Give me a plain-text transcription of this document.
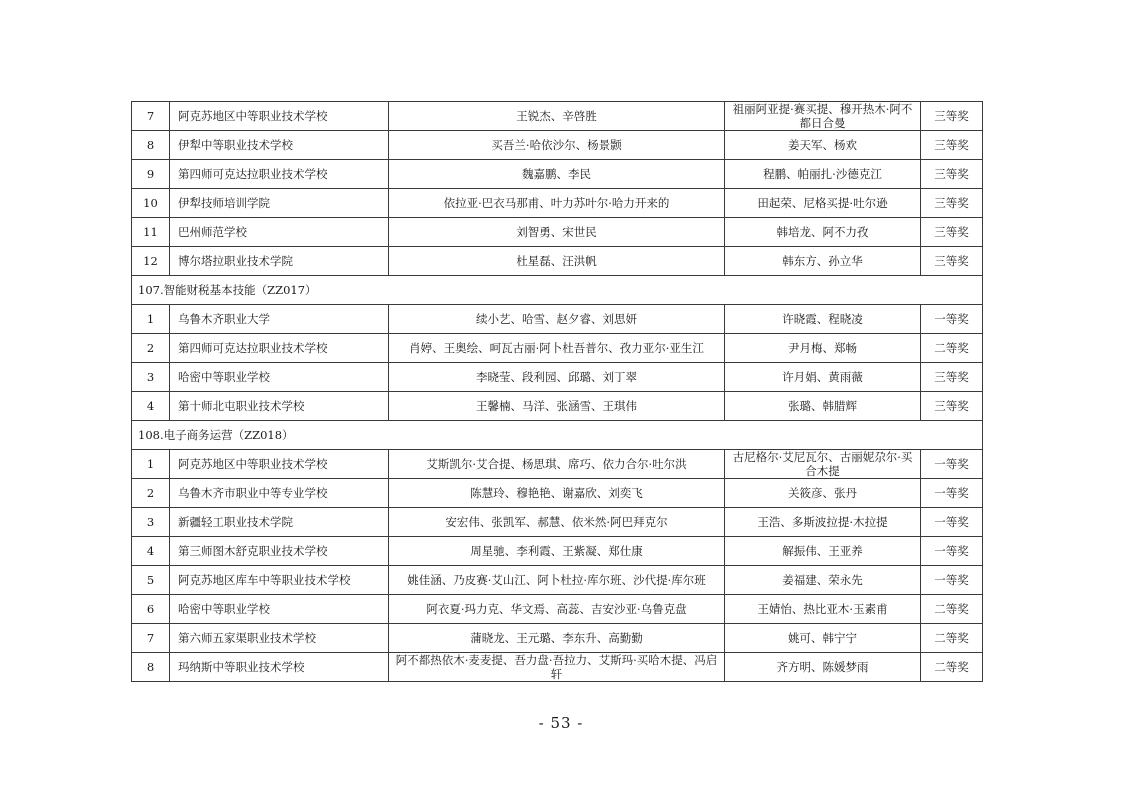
7	阿克苏地区中等职业技术学校	王锐杰、辛啓胜	祖丽阿亚提·赛买提、穆开热木·阿不都日合曼	三等奖
8	伊犁中等职业技术学校	买吾兰·哈依沙尔、杨景颢	姜天军、杨欢	三等奖
9	第四师可克达拉职业技术学校	魏嘉鹏、李民	程鹏、帕丽扎·沙德克江	三等奖
10	伊犁技师培训学院	依拉亚·巴衣马那甫、叶力苏叶尔·哈力开来的	田起荣、尼格买提·吐尔逊	三等奖
11	巴州师范学校	刘智勇、宋世民	韩培龙、阿不力孜	三等奖
12	博尔塔拉职业技术学院	杜星磊、汪洪帆	韩东方、孙立华	三等奖
107.智能财税基本技能（ZZ017）				
1	乌鲁木齐职业大学	续小艺、哈雪、赵夕睿、刘思妍	许晓霞、程晓凌	一等奖
2	第四师可克达拉职业技术学校	肖婷、王奥绘、呵瓦古丽·阿卜杜吾普尔、孜力亚尔·亚生江	尹月梅、郑畅	二等奖
3	哈密中等职业学校	李晓莹、段利园、邱璐、刘丁翠	许月娟、黄雨薇	三等奖
4	第十师北屯职业技术学校	王馨楠、马洋、张涵雪、王琪伟	张璐、韩腊辉	三等奖
108.电子商务运营（ZZ018）				
1	阿克苏地区中等职业技术学校	艾斯凯尔·艾合提、杨思琪、席巧、依力合尔·吐尔洪	古尼格尔·艾尼瓦尔、古丽妮尕尔·买合木提	一等奖
2	乌鲁木齐市职业中等专业学校	陈慧玲、穆艳艳、谢嘉欣、刘奕飞	关筱彦、张丹	一等奖
3	新疆轻工职业技术学院	安宏伟、张凯军、郝慧、依米然·阿巴拜克尔	王浩、多斯波拉提·木拉提	一等奖
4	第三师图木舒克职业技术学校	周星驰、李利霞、王紫凝、郑仕康	解振伟、王亚养	一等奖
5	阿克苏地区库车中等职业技术学校	姚佳涵、乃皮赛·艾山江、阿卜杜拉·库尔班、沙代提·库尔班	姜福建、荣永先	一等奖
6	哈密中等职业学校	阿衣夏·玛力克、华文焉、高蕊、吉安沙亚·乌鲁克盘	王婧怡、热比亚木·玉素甫	二等奖
7	第六师五家渠职业技术学校	蒲晓龙、王元璐、李东升、高勤勤	姚可、韩宁宁	二等奖
8	玛纳斯中等职业技术学校	阿不都热依木·麦麦提、吾力盘·吾拉力、艾斯玛·买哈木提、冯启轩	齐方明、陈媛梦雨	二等奖
- 53 -
